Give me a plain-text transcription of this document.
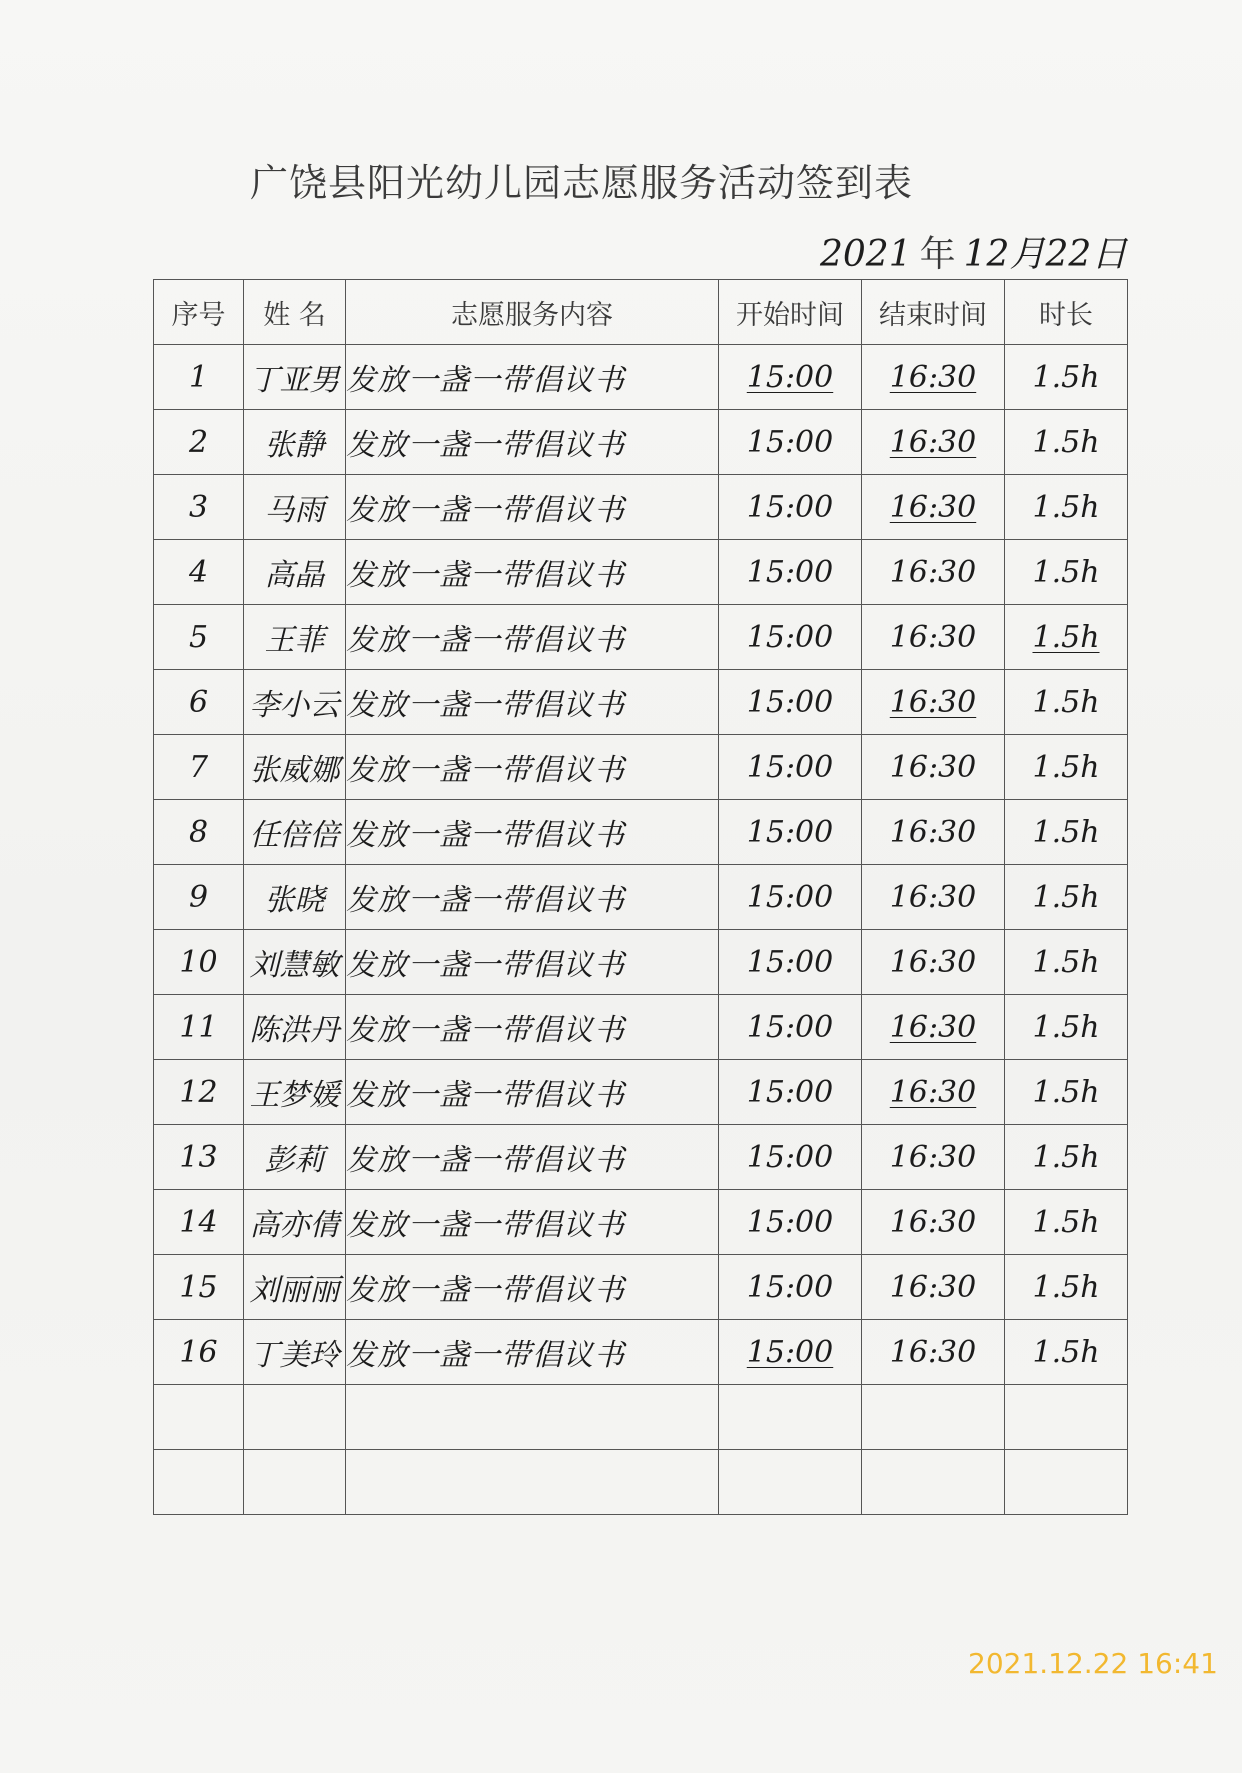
广饶县阳光幼儿园志愿服务活动签到表
2021 年 12月22日
序号	姓 名	志愿服务内容	开始时间	结束时间	时长
1	丁亚男	发放一盏一带倡议书	15:00	16:30	1.5h
2	张静	发放一盏一带倡议书	15:00	16:30	1.5h
3	马雨	发放一盏一带倡议书	15:00	16:30	1.5h
4	高晶	发放一盏一带倡议书	15:00	16:30	1.5h
5	王菲	发放一盏一带倡议书	15:00	16:30	1.5h
6	李小云	发放一盏一带倡议书	15:00	16:30	1.5h
7	张威娜	发放一盏一带倡议书	15:00	16:30	1.5h
8	任倍倍	发放一盏一带倡议书	15:00	16:30	1.5h
9	张晓	发放一盏一带倡议书	15:00	16:30	1.5h
10	刘慧敏	发放一盏一带倡议书	15:00	16:30	1.5h
11	陈洪丹	发放一盏一带倡议书	15:00	16:30	1.5h
12	王梦媛	发放一盏一带倡议书	15:00	16:30	1.5h
13	彭莉	发放一盏一带倡议书	15:00	16:30	1.5h
14	高亦倩	发放一盏一带倡议书	15:00	16:30	1.5h
15	刘丽丽	发放一盏一带倡议书	15:00	16:30	1.5h
16	丁美玲	发放一盏一带倡议书	15:00	16:30	1.5h

2021.12.22 16:41
